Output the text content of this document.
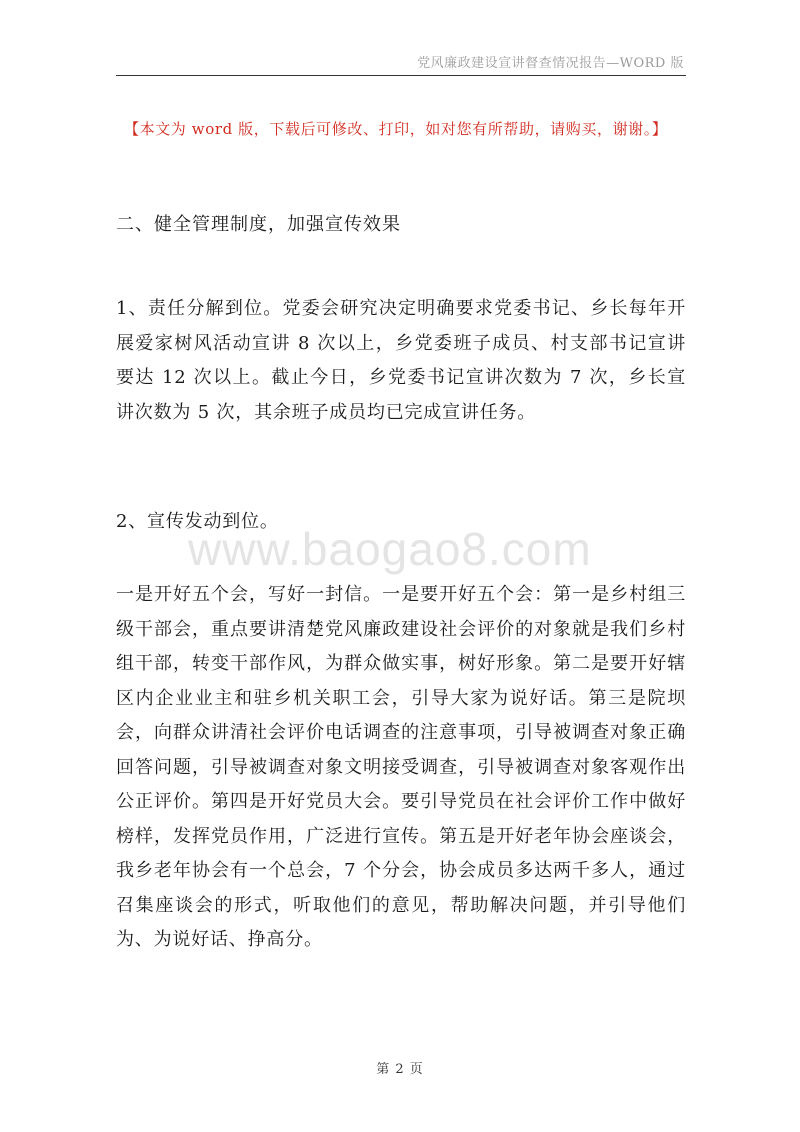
党风廉政建设宣讲督查情况报告—WORD 版
【本文为 word 版，下载后可修改、打印，如对您有所帮助，请购买，谢谢。】
二、健全管理制度，加强宣传效果
1、责任分解到位。党委会研究决定明确要求党委书记、乡长每年开展爱家树风活动宣讲 8 次以上，乡党委班子成员、村支部书记宣讲要达 12 次以上。截止今日，乡党委书记宣讲次数为 7 次，乡长宣讲次数为 5 次，其余班子成员均已完成宣讲任务。
2、宣传发动到位。
www.baogao8.com
一是开好五个会，写好一封信。一是要开好五个会：第一是乡村组三级干部会，重点要讲清楚党风廉政建设社会评价的对象就是我们乡村组干部，转变干部作风，为群众做实事，树好形象。第二是要开好辖区内企业业主和驻乡机关职工会，引导大家为说好话。第三是院坝会，向群众讲清社会评价电话调查的注意事项，引导被调查对象正确回答问题，引导被调查对象文明接受调查，引导被调查对象客观作出公正评价。第四是开好党员大会。要引导党员在社会评价工作中做好榜样，发挥党员作用，广泛进行宣传。第五是开好老年协会座谈会，我乡老年协会有一个总会，7 个分会，协会成员多达两千多人，通过召集座谈会的形式，听取他们的意见，帮助解决问题，并引导他们为、为说好话、挣高分。
第 2 页
